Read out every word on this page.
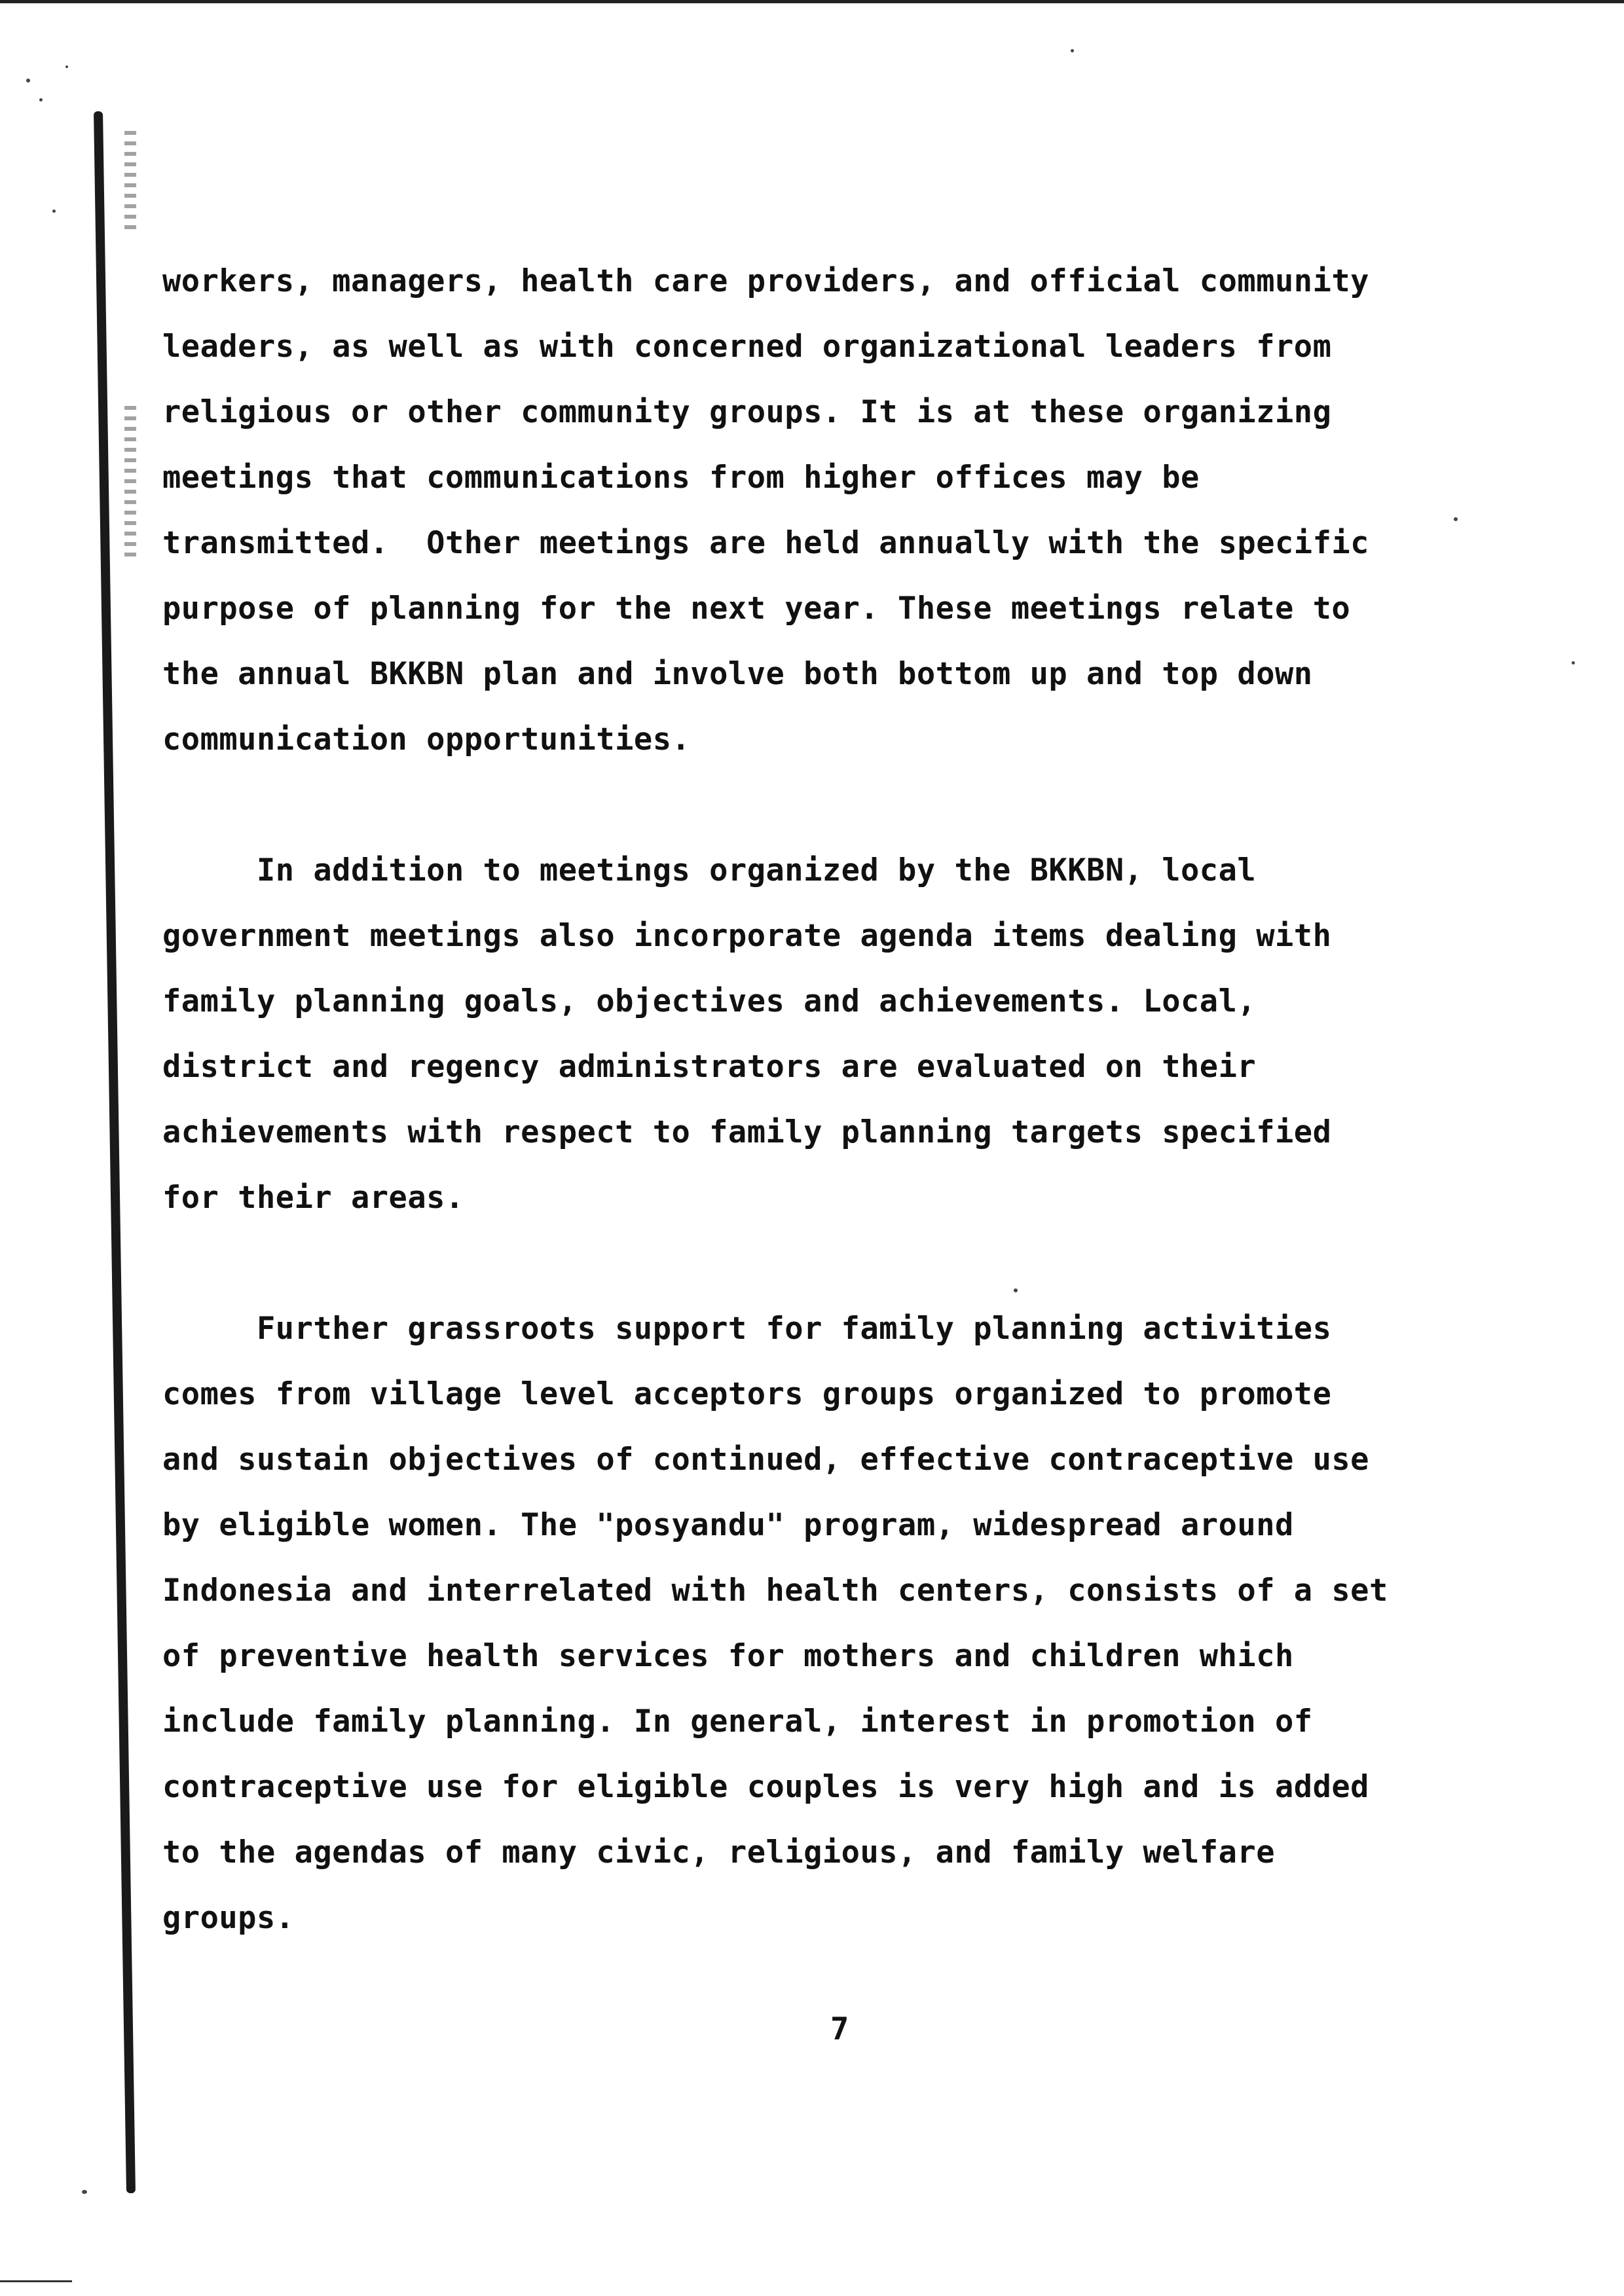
workers, managers, health care providers, and official community
leaders, as well as with concerned organizational leaders from
religious or other community groups. It is at these organizing
meetings that communications from higher offices may be
transmitted.  Other meetings are held annually with the specific
purpose of planning for the next year. These meetings relate to
the annual BKKBN plan and involve both bottom up and top down
communication opportunities.

In addition to meetings organized by the BKKBN, local
government meetings also incorporate agenda items dealing with
family planning goals, objectives and achievements. Local,
district and regency administrators are evaluated on their
achievements with respect to family planning targets specified
for their areas.

Further grassroots support for family planning activities
comes from village level acceptors groups organized to promote
and sustain objectives of continued, effective contraceptive use
by eligible women. The "posyandu" program, widespread around
Indonesia and interrelated with health centers, consists of a set
of preventive health services for mothers and children which
include family planning. In general, interest in promotion of
contraceptive use for eligible couples is very high and is added
to the agendas of many civic, religious, and family welfare
groups.

7
